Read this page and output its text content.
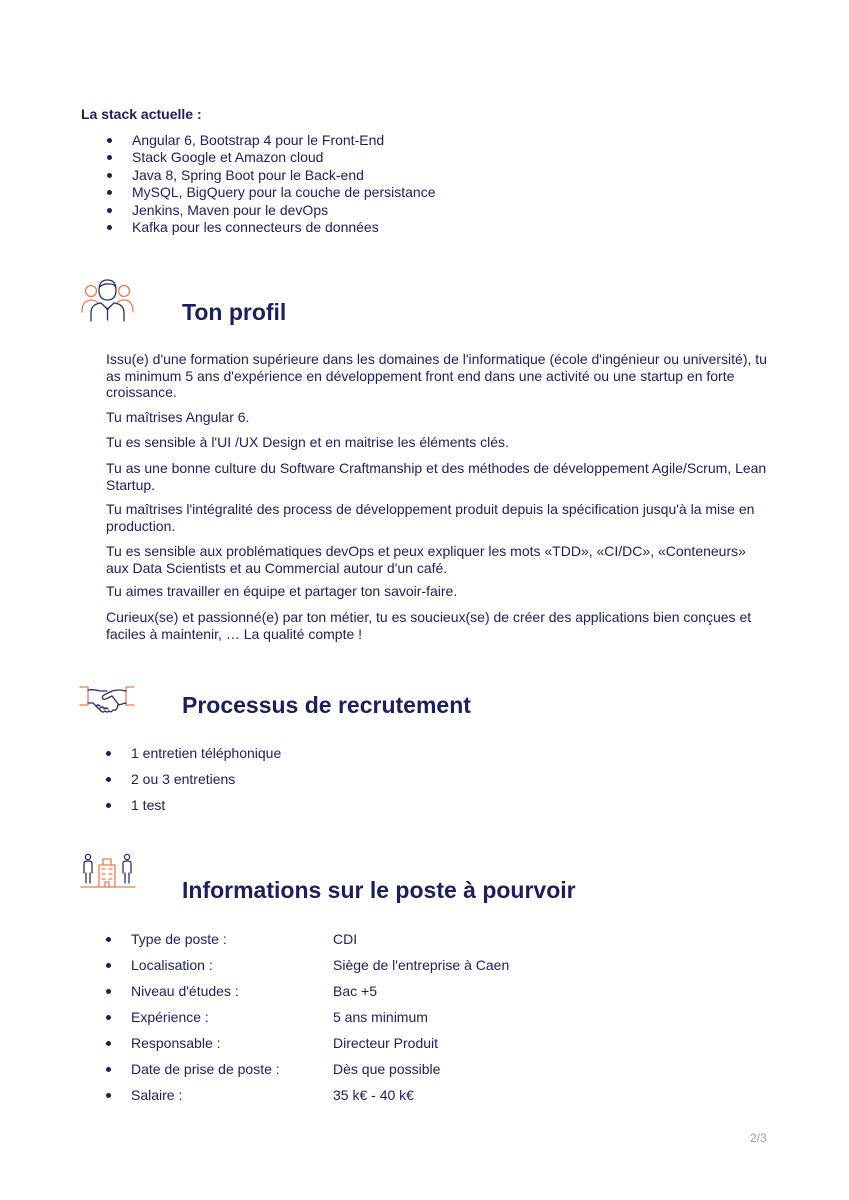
La stack actuelle :
Angular 6, Bootstrap 4 pour le Front-End
Stack Google et Amazon cloud
Java 8, Spring Boot pour le Back-end
MySQL, BigQuery pour la couche de persistance
Jenkins, Maven pour le devOps
Kafka pour les connecteurs de données
Ton profil

Issu(e) d'une formation supérieure dans les domaines de l'informatique (école d'ingénieur ou université), tu as minimum 5 ans d'expérience en développement front end dans une activité ou une startup en forte croissance.

Tu maîtrises Angular 6.

Tu es sensible à l'UI /UX Design et en maitrise les éléments clés.

Tu as une bonne culture du Software Craftmanship et des méthodes de développement Agile/Scrum, Lean Startup.

Tu maîtrises l'intégralité des process de développement produit depuis la spécification jusqu'à la mise en production.

Tu es sensible aux problématiques devOps et peux expliquer les mots «TDD», «CI/DC», «Conteneurs» aux Data Scientists et au Commercial autour d'un café.

Tu aimes travailler en équipe et partager ton savoir-faire.

Curieux(se) et passionné(e) par ton métier, tu es soucieux(se) de créer des applications bien conçues et faciles à maintenir, … La qualité compte !

Processus de recrutement
1 entretien téléphonique
2 ou 3 entretiens
1 test
Informations sur le poste à pourvoir
Type de poste :	CDI
Localisation :	Siège de l'entreprise à Caen
Niveau d'études :	Bac +5
Expérience :	5 ans minimum
Responsable :	Directeur Produit
Date de prise de poste :	Dès que possible
Salaire :	35 k€ - 40 k€
2/3
